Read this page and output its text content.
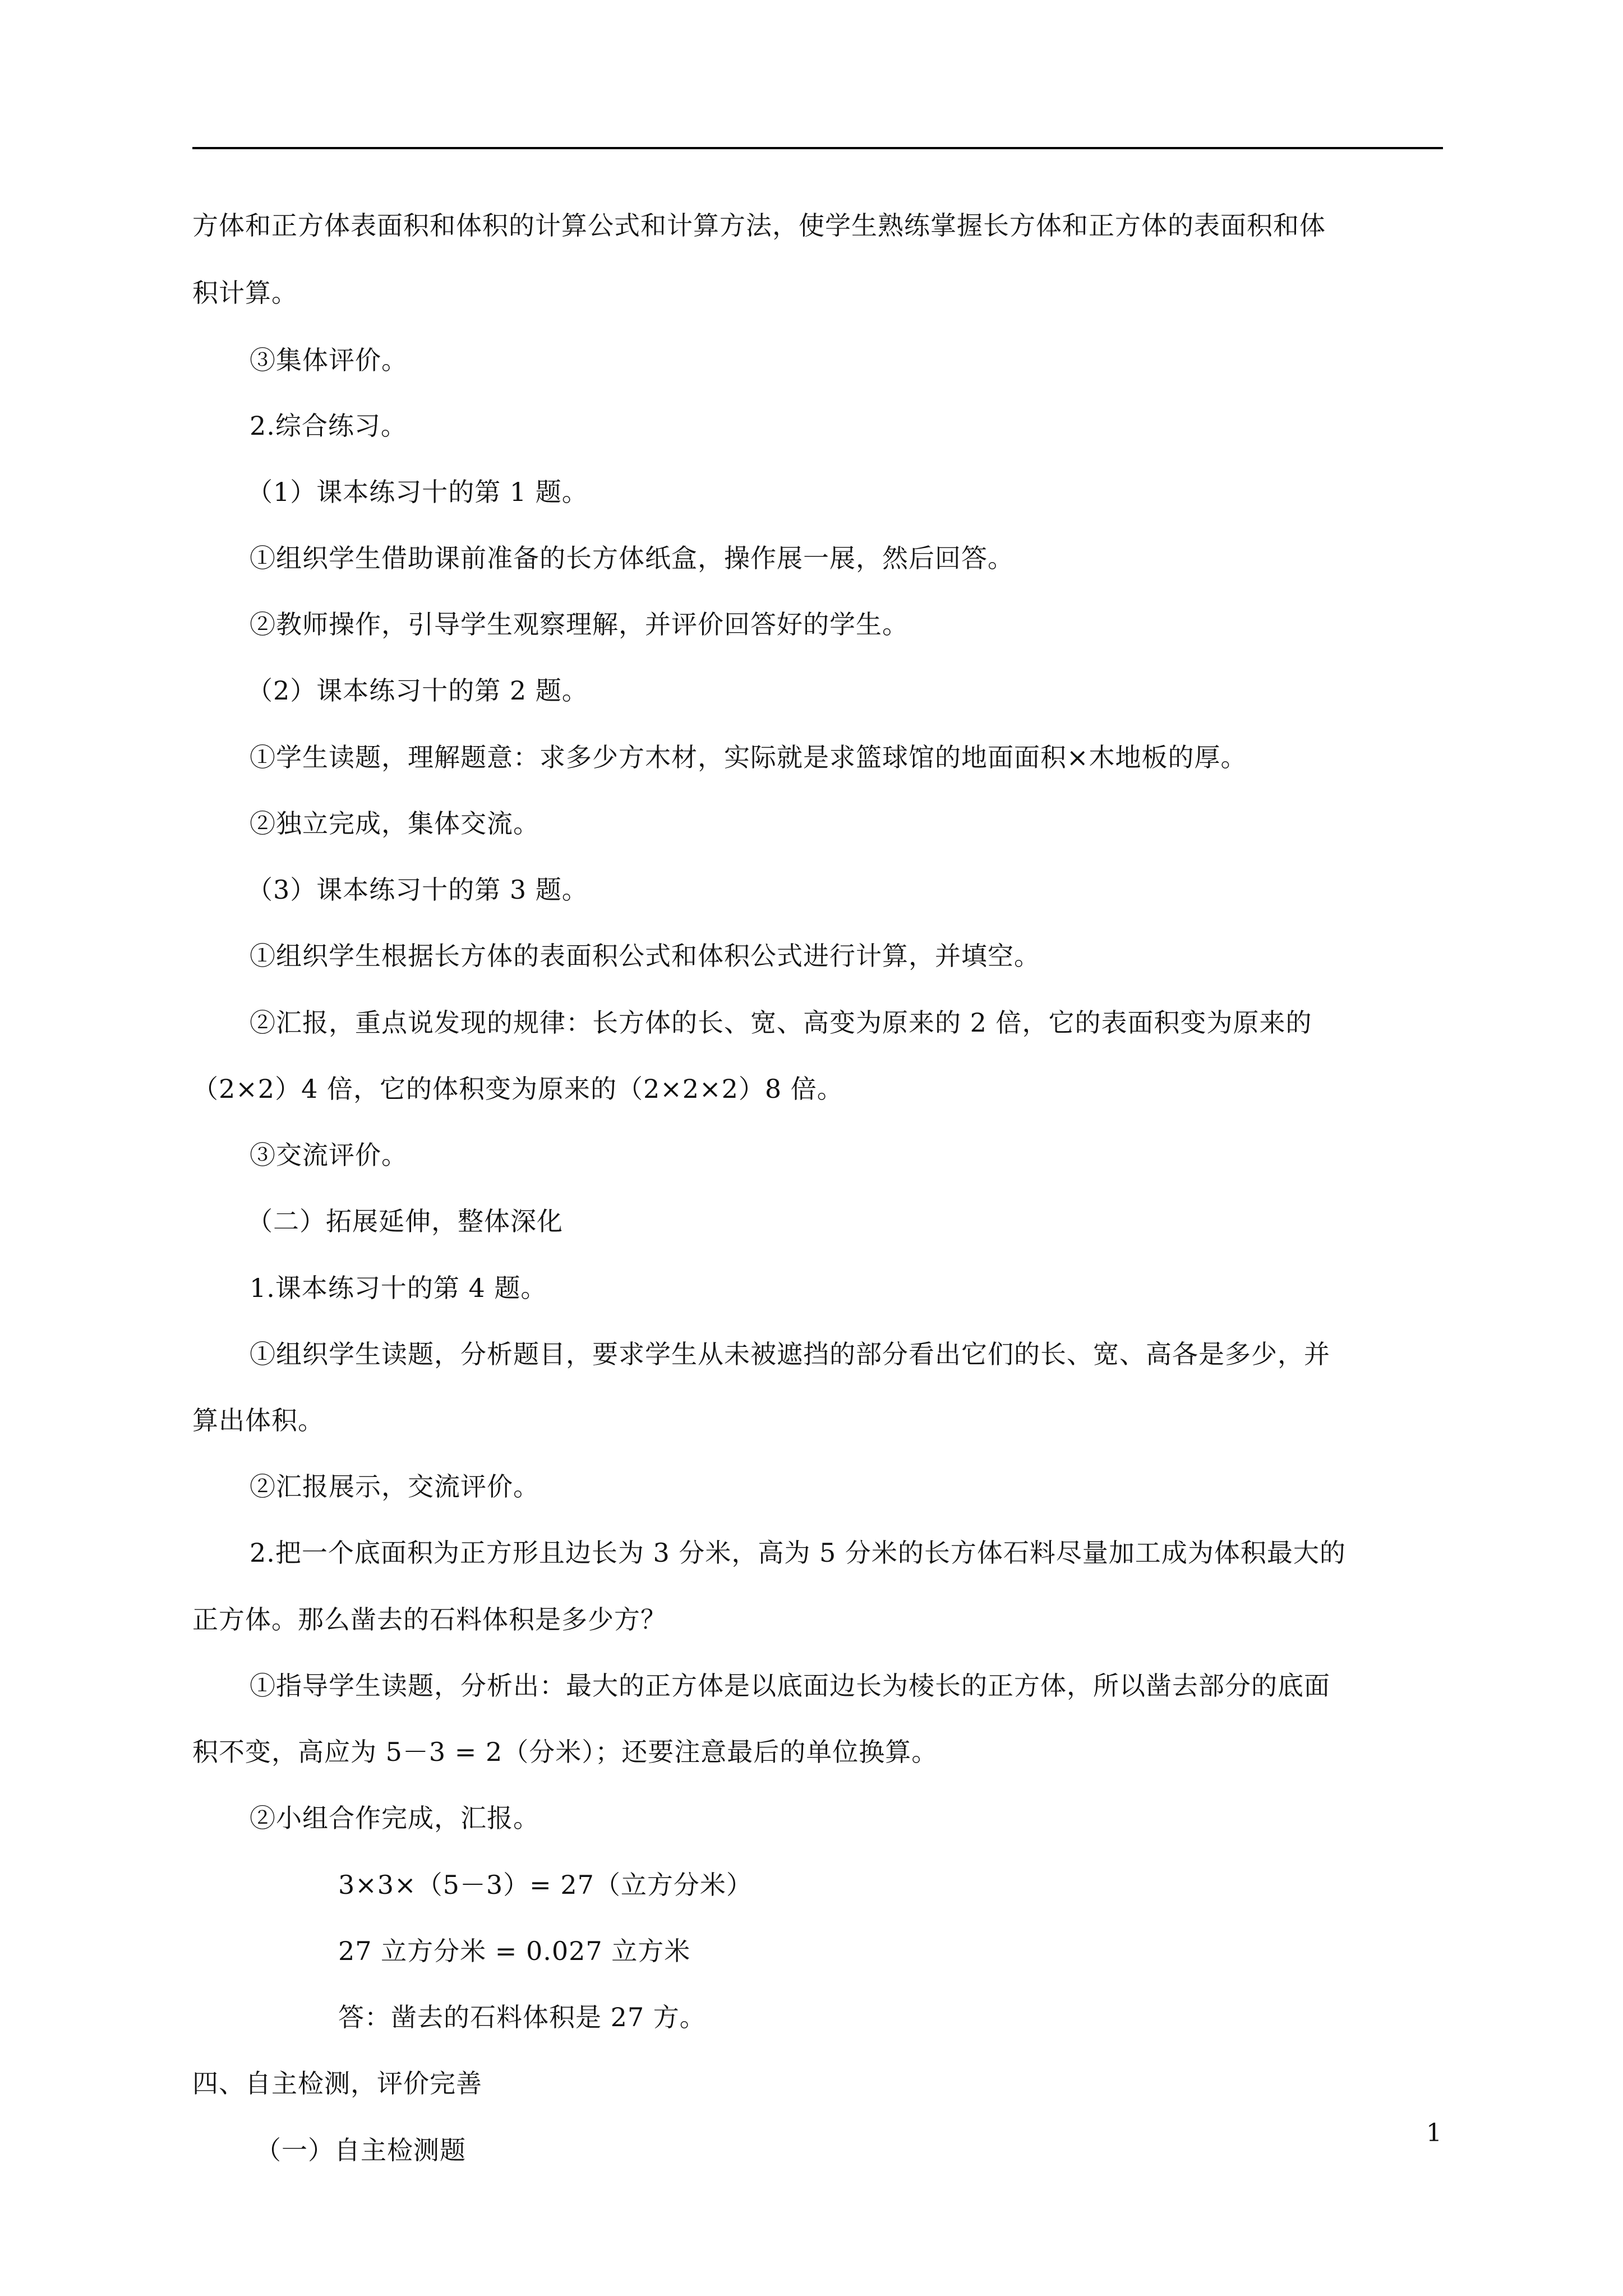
方体和正方体表面积和体积的计算公式和计算方法，使学生熟练掌握长方体和正方体的表面积和体
积计算。
③集体评价。
2.综合练习。
（1）课本练习十的第 1 题。
①组织学生借助课前准备的长方体纸盒，操作展一展，然后回答。
②教师操作，引导学生观察理解，并评价回答好的学生。
（2）课本练习十的第 2 题。
①学生读题，理解题意：求多少方木材，实际就是求篮球馆的地面面积×木地板的厚。
②独立完成，集体交流。
（3）课本练习十的第 3 题。
①组织学生根据长方体的表面积公式和体积公式进行计算，并填空。
②汇报，重点说发现的规律：长方体的长、宽、高变为原来的 2 倍，它的表面积变为原来的
（2×2）4 倍，它的体积变为原来的（2×2×2）8 倍。
③交流评价。
（二）拓展延伸，整体深化
1.课本练习十的第 4 题。
①组织学生读题，分析题目，要求学生从未被遮挡的部分看出它们的长、宽、高各是多少，并
算出体积。
②汇报展示，交流评价。
2.把一个底面积为正方形且边长为 3 分米，高为 5 分米的长方体石料尽量加工成为体积最大的
正方体。那么凿去的石料体积是多少方？
①指导学生读题，分析出：最大的正方体是以底面边长为棱长的正方体，所以凿去部分的底面
积不变，高应为 5－3 = 2（分米）；还要注意最后的单位换算。
②小组合作完成，汇报。
3×3×（5－3）= 27（立方分米）
27 立方分米 = 0.027 立方米
答：凿去的石料体积是 27 方。
四、自主检测，评价完善
（一）自主检测题
1
